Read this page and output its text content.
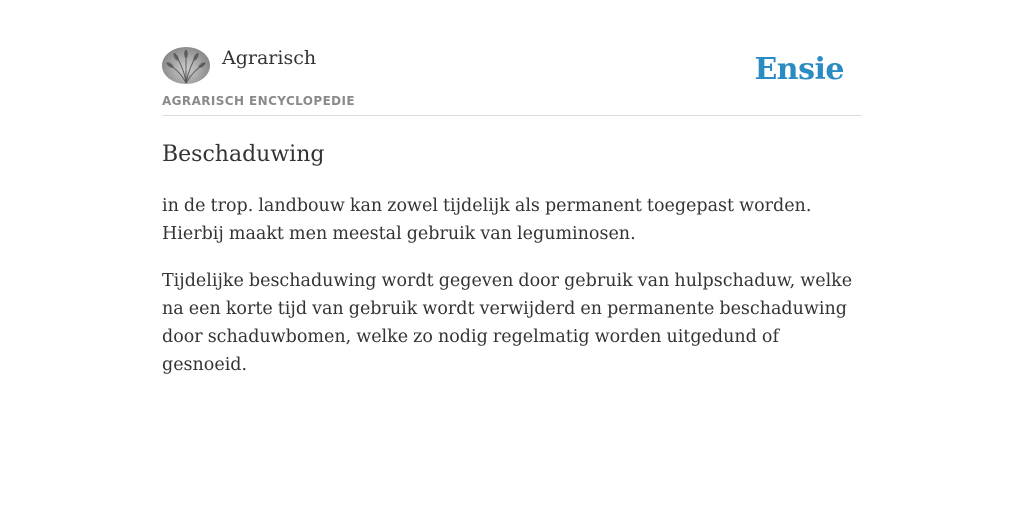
Agrarisch
AGRARISCH ENCYCLOPEDIE
Ensie
Beschaduwing

in de trop. landbouw kan zowel tijdelijk als permanent toegepast worden. Hierbij maakt men meestal gebruik van leguminosen.

Tijdelijke beschaduwing wordt gegeven door gebruik van hulpschaduw, welke na een korte tijd van gebruik wordt verwijderd en permanente beschaduwing door schaduwbomen, welke zo nodig regelmatig worden uitgedund of gesnoeid.
